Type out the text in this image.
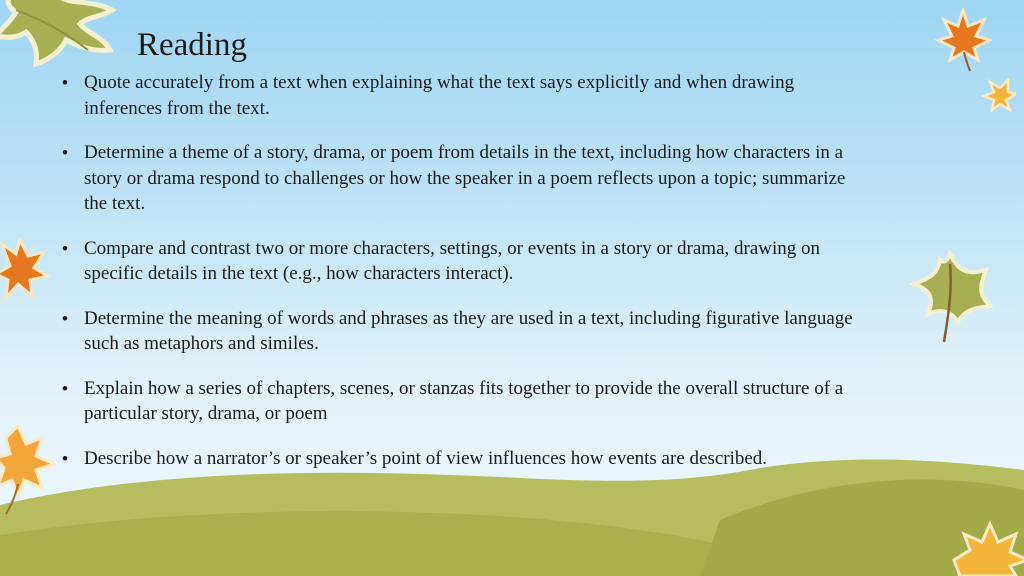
Reading
• Quote accurately from a text when explaining what the text says explicitly and when drawing inferences from the text.
• Determine a theme of a story, drama, or poem from details in the text, including how characters in a story or drama respond to challenges or how the speaker in a poem reflects upon a topic; summarize the text.
• Compare and contrast two or more characters, settings, or events in a story or drama, drawing on specific details in the text (e.g., how characters interact).
• Determine the meaning of words and phrases as they are used in a text, including figurative language such as metaphors and similes.
• Explain how a series of chapters, scenes, or stanzas fits together to provide the overall structure of a particular story, drama, or poem
• Describe how a narrator’s or speaker’s point of view influences how events are described.
